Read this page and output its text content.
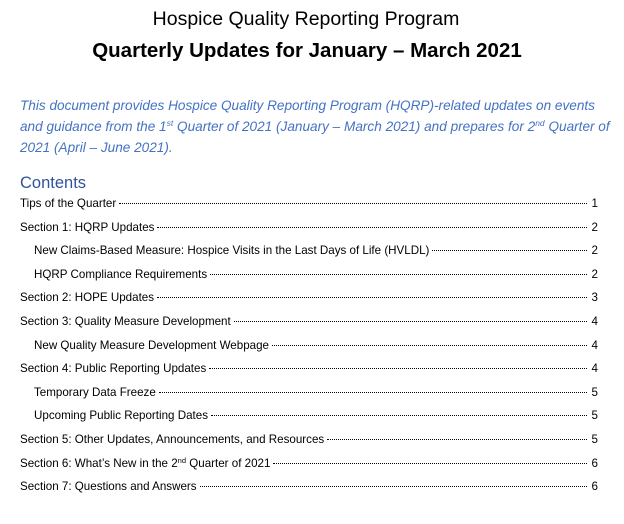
Hospice Quality Reporting Program
Quarterly Updates for January – March 2021

This document provides Hospice Quality Reporting Program (HQRP)-related updates on events and guidance from the 1st Quarter of 2021 (January – March 2021) and prepares for 2nd Quarter of 2021 (April – June 2021).

Contents
Tips of the Quarter	1
Section 1: HQRP Updates	2
New Claims-Based Measure: Hospice Visits in the Last Days of Life (HVLDL)	2
HQRP Compliance Requirements	2
Section 2: HOPE Updates	3
Section 3: Quality Measure Development	4
New Quality Measure Development Webpage	4
Section 4: Public Reporting Updates	4
Temporary Data Freeze	5
Upcoming Public Reporting Dates	5
Section 5: Other Updates, Announcements, and Resources	5
Section 6: What’s New in the 2nd Quarter of 2021	6
Section 7: Questions and Answers	6
